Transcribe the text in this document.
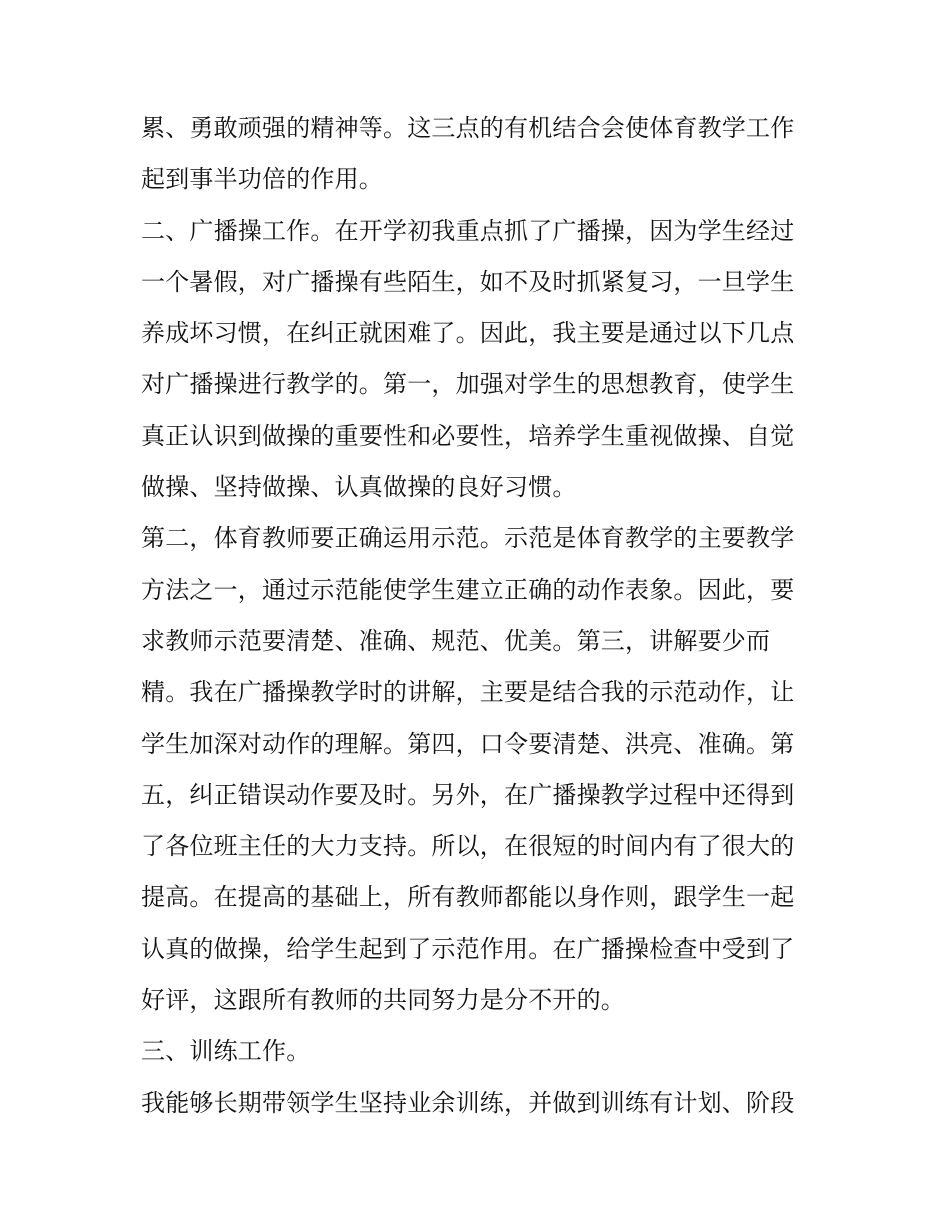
累、勇敢顽强的精神等。这三点的有机结合会使体育教学工作
起到事半功倍的作用。
二、广播操工作。在开学初我重点抓了广播操，因为学生经过
一个暑假，对广播操有些陌生，如不及时抓紧复习，一旦学生
养成坏习惯，在纠正就困难了。因此，我主要是通过以下几点
对广播操进行教学的。第一，加强对学生的思想教育，使学生
真正认识到做操的重要性和必要性，培养学生重视做操、自觉
做操、坚持做操、认真做操的良好习惯。
第二，体育教师要正确运用示范。示范是体育教学的主要教学
方法之一，通过示范能使学生建立正确的动作表象。因此，要
求教师示范要清楚、准确、规范、优美。第三，讲解要少而
精。我在广播操教学时的讲解，主要是结合我的示范动作，让
学生加深对动作的理解。第四，口令要清楚、洪亮、准确。第
五，纠正错误动作要及时。另外，在广播操教学过程中还得到
了各位班主任的大力支持。所以，在很短的时间内有了很大的
提高。在提高的基础上，所有教师都能以身作则，跟学生一起
认真的做操，给学生起到了示范作用。在广播操检查中受到了
好评，这跟所有教师的共同努力是分不开的。
三、训练工作。
我能够长期带领学生坚持业余训练，并做到训练有计划、阶段
